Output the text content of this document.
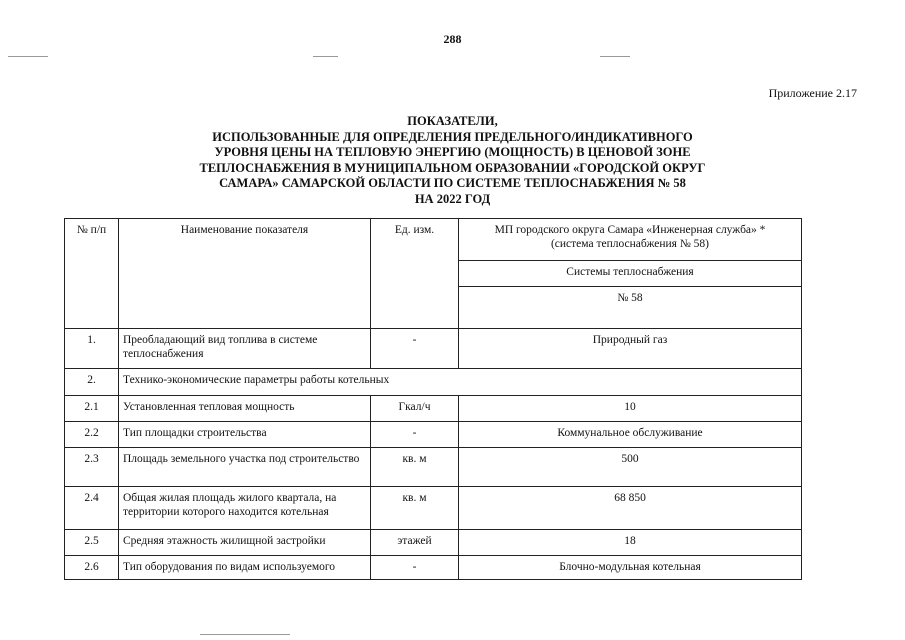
288
Приложение 2.17
ПОКАЗАТЕЛИ,
ИСПОЛЬЗОВАННЫЕ ДЛЯ ОПРЕДЕЛЕНИЯ ПРЕДЕЛЬНОГО/ИНДИКАТИВНОГО
УРОВНЯ ЦЕНЫ НА ТЕПЛОВУЮ ЭНЕРГИЮ (МОЩНОСТЬ) В ЦЕНОВОЙ ЗОНЕ
ТЕПЛОСНАБЖЕНИЯ В МУНИЦИПАЛЬНОМ ОБРАЗОВАНИИ «ГОРОДСКОЙ ОКРУГ
САМАРА» САМАРСКОЙ ОБЛАСТИ ПО СИСТЕМЕ ТЕПЛОСНАБЖЕНИЯ № 58
НА 2022 ГОД
№ п/п	Наименование показателя	Ед. изм.	МП городского округа Самара «Инженерная служба» *
(система теплоснабжения № 58)

			Системы теплоснабжения
			№ 58
1.	Преобладающий вид топлива в системе теплоснабжения	-	Природный газ
2.	Технико-экономические параметры работы котельных		
2.1	Установленная тепловая мощность	Гкал/ч	10
2.2	Тип площадки строительства	-	Коммунальное обслуживание
2.3	Площадь земельного участка под строительство	кв. м	500
2.4	Общая жилая площадь жилого квартала, на территории которого находится котельная	кв. м	68 850
2.5	Средняя этажность жилищной застройки	этажей	18
2.6	Тип оборудования по видам используемого	-	Блочно-модульная котельная
